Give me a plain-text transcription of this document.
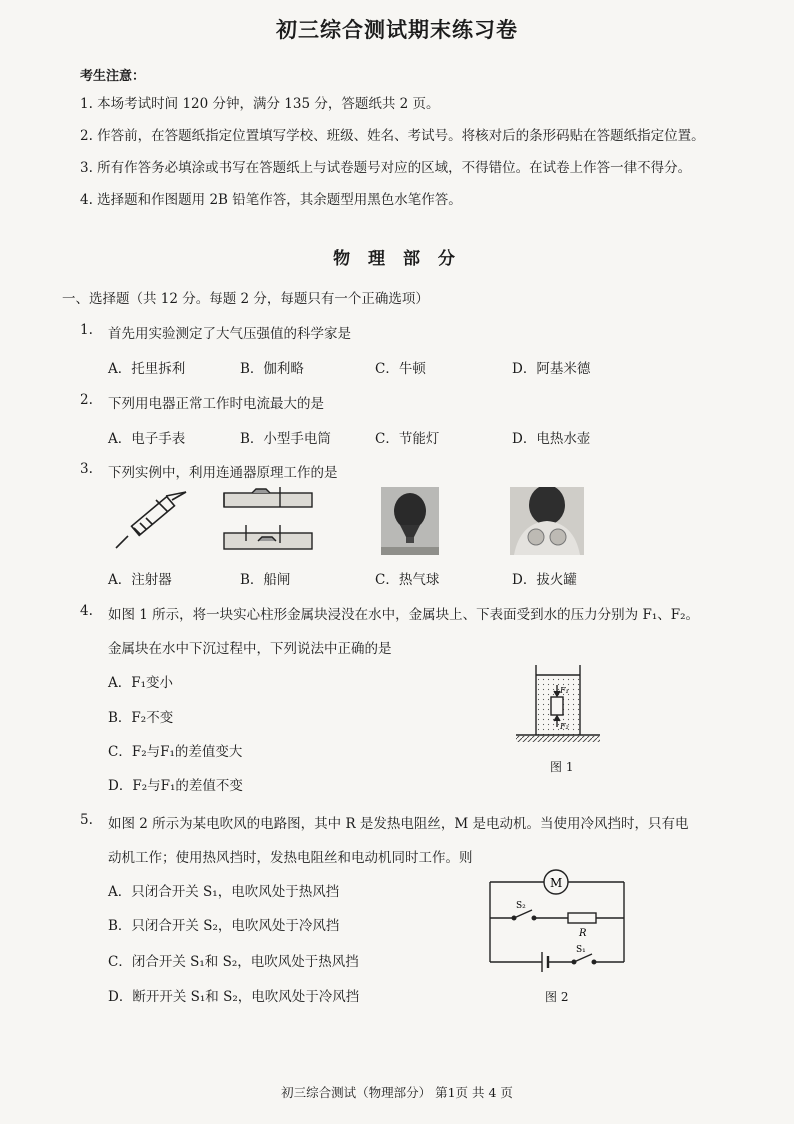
初三综合测试期末练习卷
考生注意：
1. 本场考试时间 120 分钟，满分 135 分，答题纸共 2 页。
2. 作答前，在答题纸指定位置填写学校、班级、姓名、考试号。将核对后的条形码贴在答题纸指定位置。
3. 所有作答务必填涂或书写在答题纸上与试卷题号对应的区域，不得错位。在试卷上作答一律不得分。
4. 选择题和作图题用 2B 铅笔作答，其余题型用黑色水笔作答。
物 理 部 分
一、选择题（共 12 分。每题 2 分，每题只有一个正确选项）
1. 首先用实验测定了大气压强值的科学家是
A．托里拆利	B．伽利略	C．牛顿	D．阿基米德
2. 下列用电器正常工作时电流最大的是
A．电子手表	B．小型手电筒	C．节能灯	D．电热水壶
3. 下列实例中，利用连通器原理工作的是
A．注射器	B．船闸	C．热气球	D．拔火罐
4. 如图 1 所示，将一块实心柱形金属块浸没在水中，金属块上、下表面受到水的压力分别为 F₁、F₂。
金属块在水中下沉过程中，下列说法中正确的是
A．F₁变小
B．F₂不变
C．F₂与F₁的差值变大
D．F₂与F₁的差值不变
F₁
F₂
图 1
5. 如图 2 所示为某电吹风的电路图，其中 R 是发热电阻丝，M 是电动机。当使用冷风挡时，只有电
动机工作；使用热风挡时，发热电阻丝和电动机同时工作。则
A．只闭合开关 S₁，电吹风处于热风挡
B．只闭合开关 S₂，电吹风处于冷风挡
C．闭合开关 S₁和 S₂，电吹风处于热风挡
D．断开开关 S₁和 S₂，电吹风处于冷风挡
M
S₂
R
S₁
图 2
初三综合测试（物理部分） 第1页 共 4 页
